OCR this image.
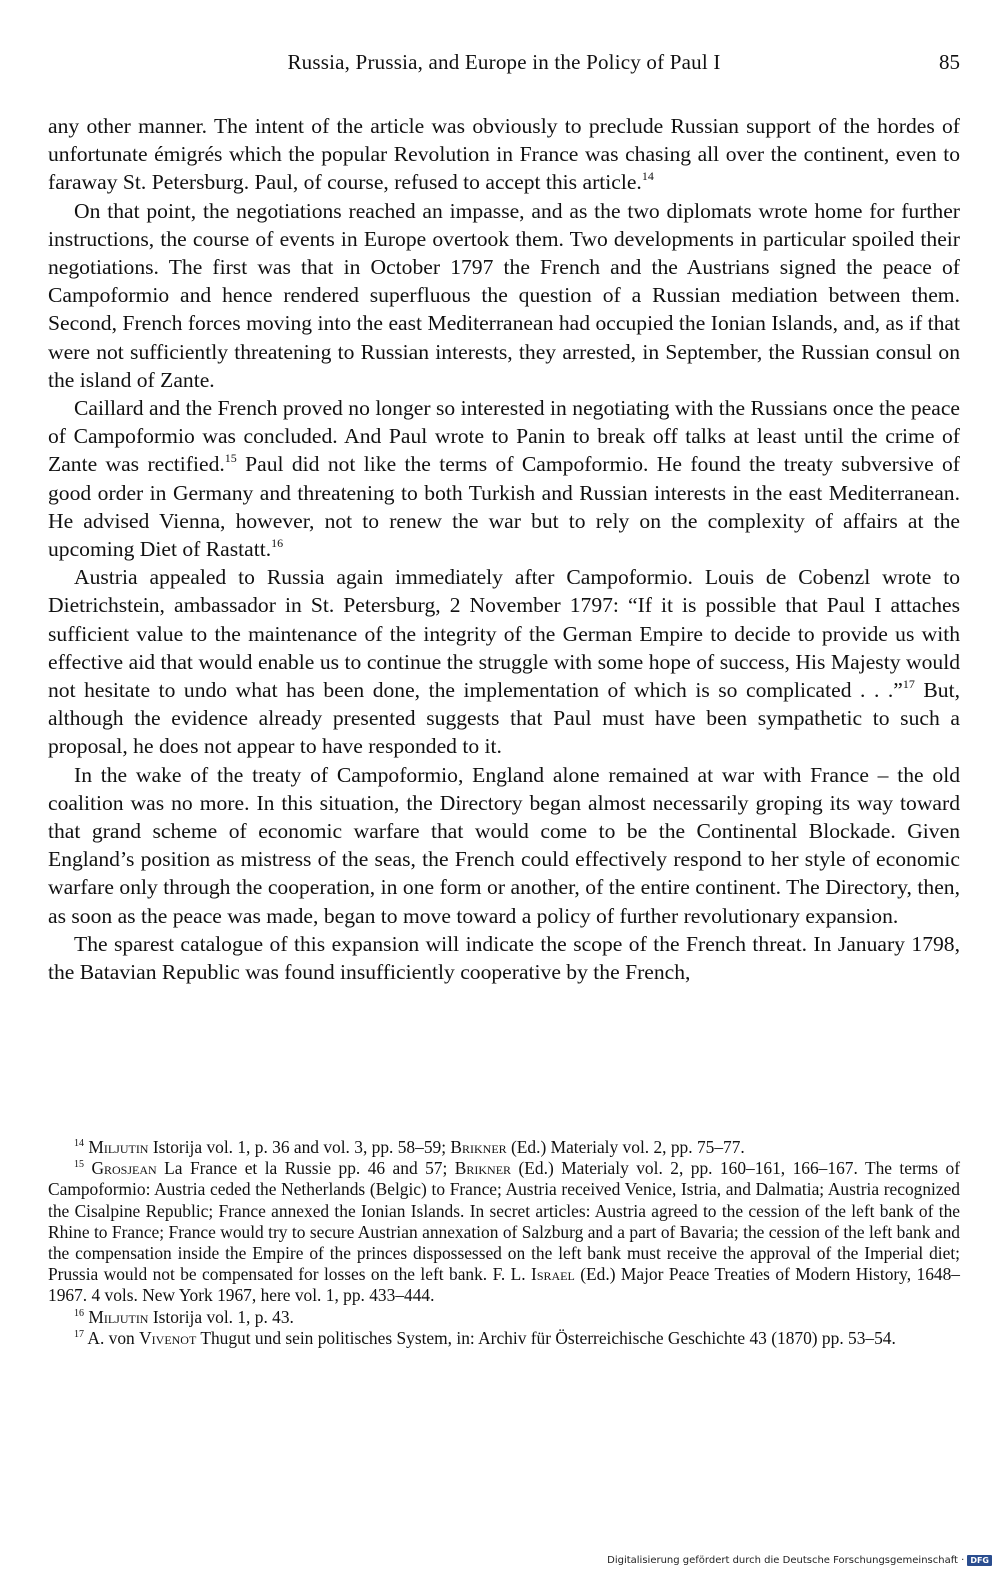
Russia, Prussia, and Europe in the Policy of Paul I	85

any other manner. The intent of the article was obviously to preclude Russian support of the hordes of unfortunate émigrés which the popular Revolution in France was chasing all over the continent, even to faraway St. Petersburg. Paul, of course, refused to accept this article.$^{14}$

On that point, the negotiations reached an impasse, and as the two diplomats wrote home for further instructions, the course of events in Europe overtook them. Two developments in particular spoiled their negotiations. The first was that in October 1797 the French and the Austrians signed the peace of Campoformio and hence rendered superfluous the question of a Russian mediation between them. Second, French forces moving into the east Mediterranean had occupied the Ionian Islands, and, as if that were not sufficiently threatening to Russian interests, they arrested, in September, the Russian consul on the island of Zante.

Caillard and the French proved no longer so interested in negotiating with the Russians once the peace of Campoformio was concluded. And Paul wrote to Panin to break off talks at least until the crime of Zante was rectified.$^{15}$ Paul did not like the terms of Campoformio. He found the treaty subversive of good order in Germany and threatening to both Turkish and Russian interests in the east Mediterranean. He advised Vienna, however, not to renew the war but to rely on the complexity of affairs at the upcoming Diet of Rastatt.$^{16}$

Austria appealed to Russia again immediately after Campoformio. Louis de Cobenzl wrote to Dietrichstein, ambassador in St. Petersburg, 2 November 1797: “If it is possible that Paul I attaches sufficient value to the maintenance of the integrity of the German Empire to decide to provide us with effective aid that would enable us to continue the struggle with some hope of success, His Majesty would not hesitate to undo what has been done, the implementation of which is so complicated . . .”$^{17}$ But, although the evidence already presented suggests that Paul must have been sympathetic to such a proposal, he does not appear to have responded to it.

In the wake of the treaty of Campoformio, England alone remained at war with France – the old coalition was no more. In this situation, the Directory began almost necessarily groping its way toward that grand scheme of economic warfare that would come to be the Continental Blockade. Given England’s position as mistress of the seas, the French could effectively respond to her style of economic warfare only through the cooperation, in one form or another, of the entire continent. The Directory, then, as soon as the peace was made, began to move toward a policy of further revolutionary expansion.

The sparest catalogue of this expansion will indicate the scope of the French threat. In January 1798, the Batavian Republic was found insufficiently cooperative by the French,

$^{14}$ Miljutin Istorija vol. 1, p. 36 and vol. 3, pp. 58–59; Brikner (Ed.) Materialy vol. 2, pp. 75–77.

$^{15}$ Grosjean La France et la Russie pp. 46 and 57; Brikner (Ed.) Materialy vol. 2, pp. 160–161, 166–167. The terms of Campoformio: Austria ceded the Netherlands (Belgic) to France; Austria received Venice, Istria, and Dalmatia; Austria recognized the Cisalpine Republic; France annexed the Ionian Islands. In secret articles: Austria agreed to the cession of the left bank of the Rhine to France; France would try to secure Austrian annexation of Salzburg and a part of Bavaria; the cession of the left bank and the compensation inside the Empire of the princes dispossessed on the left bank must receive the approval of the Imperial diet; Prussia would not be compensated for losses on the left bank. F. L. Israel (Ed.) Major Peace Treaties of Modern History, 1648–1967. 4 vols. New York 1967, here vol. 1, pp. 433–444.

$^{16}$ Miljutin Istorija vol. 1, p. 43.

$^{17}$ A. von Vivenot Thugut und sein politisches System, in: Archiv für Österreichische Geschichte 43 (1870) pp. 53–54.

Digitalisierung gefördert durch die Deutsche Forschungsgemeinschaft · DFG
